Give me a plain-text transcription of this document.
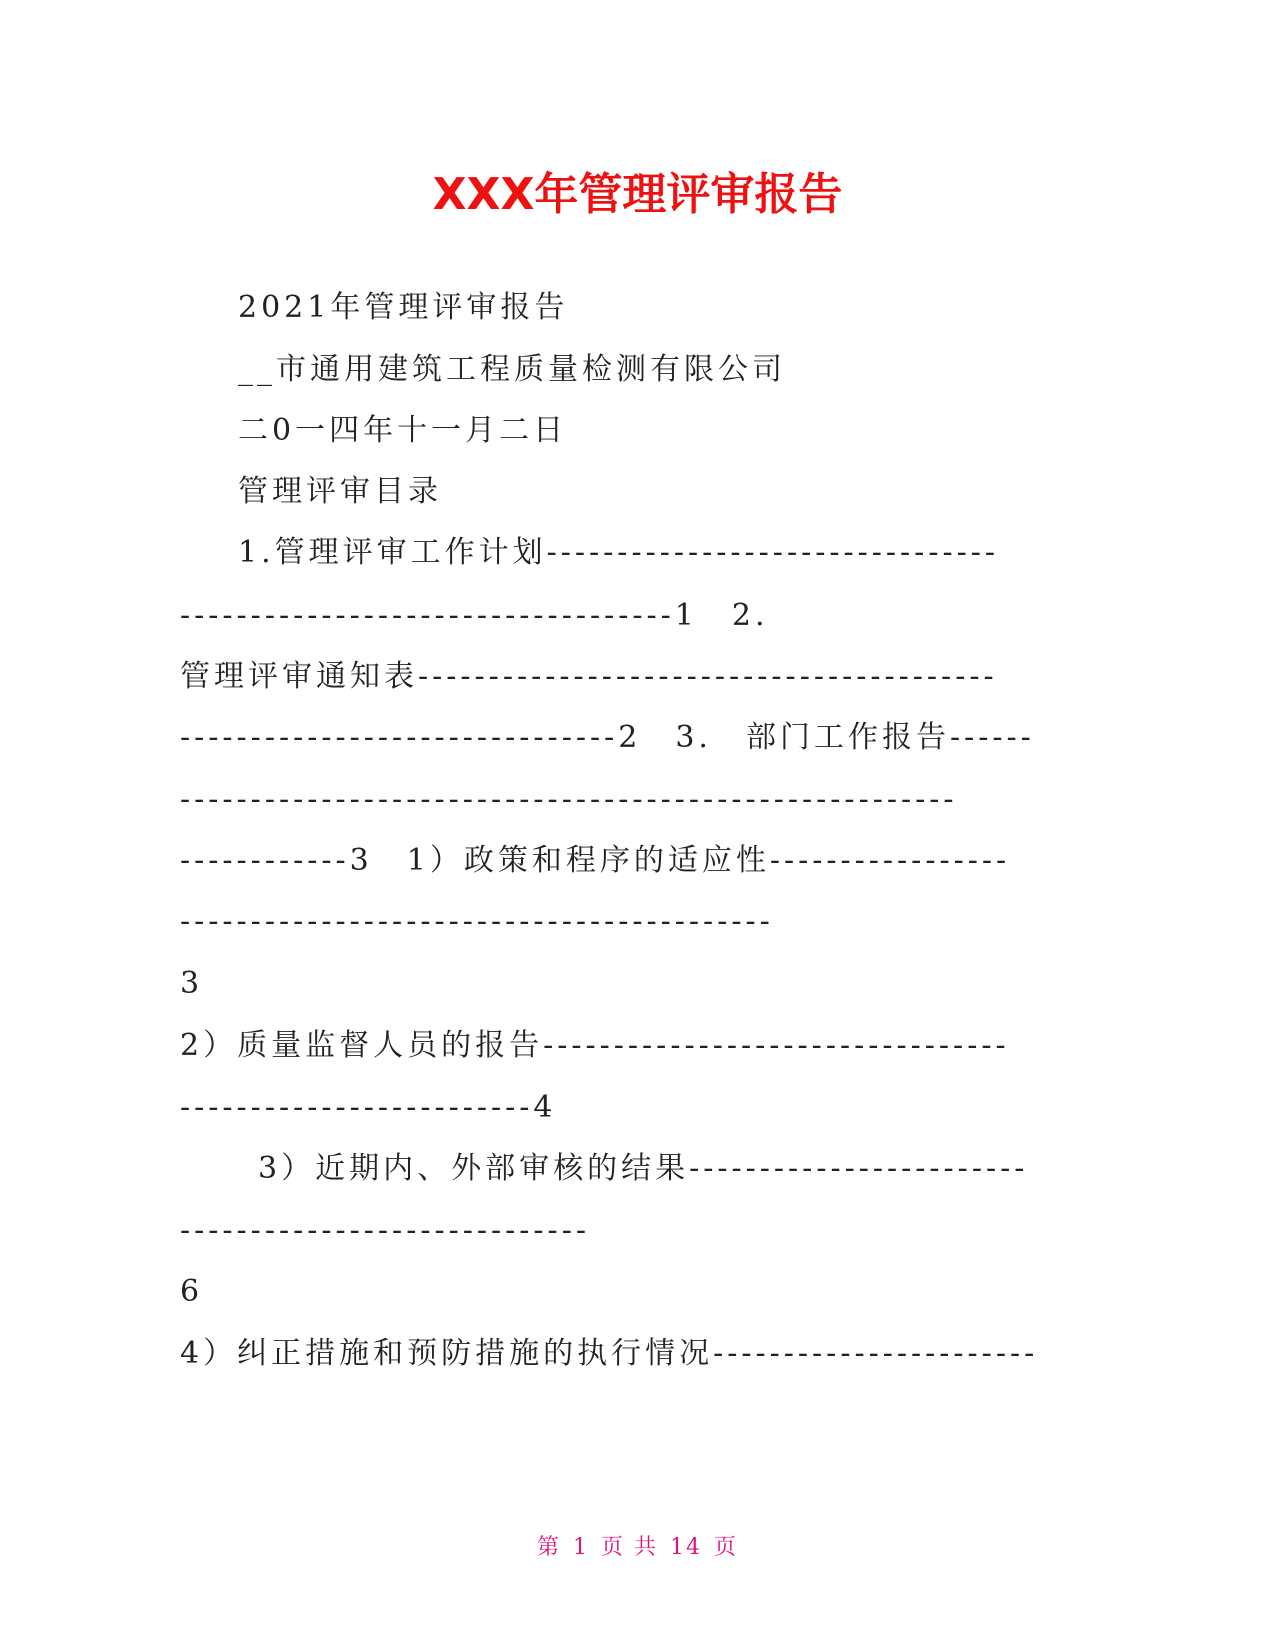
XXX年管理评审报告
2021年管理评审报告
__市通用建筑工程质量检测有限公司
二0一四年十一月二日
管理评审目录
1.管理评审工作计划--------------------------------
-----------------------------------1　2.
管理评审通知表-----------------------------------------
-------------------------------2　3.　部门工作报告------
-------------------------------------------------------
------------3　1）政策和程序的适应性-----------------
------------------------------------------
3
2）质量监督人员的报告---------------------------------
-------------------------4
　3）近期内、外部审核的结果------------------------
-----------------------------
6
4）纠正措施和预防措施的执行情况-----------------------
第 1 页 共 14 页
